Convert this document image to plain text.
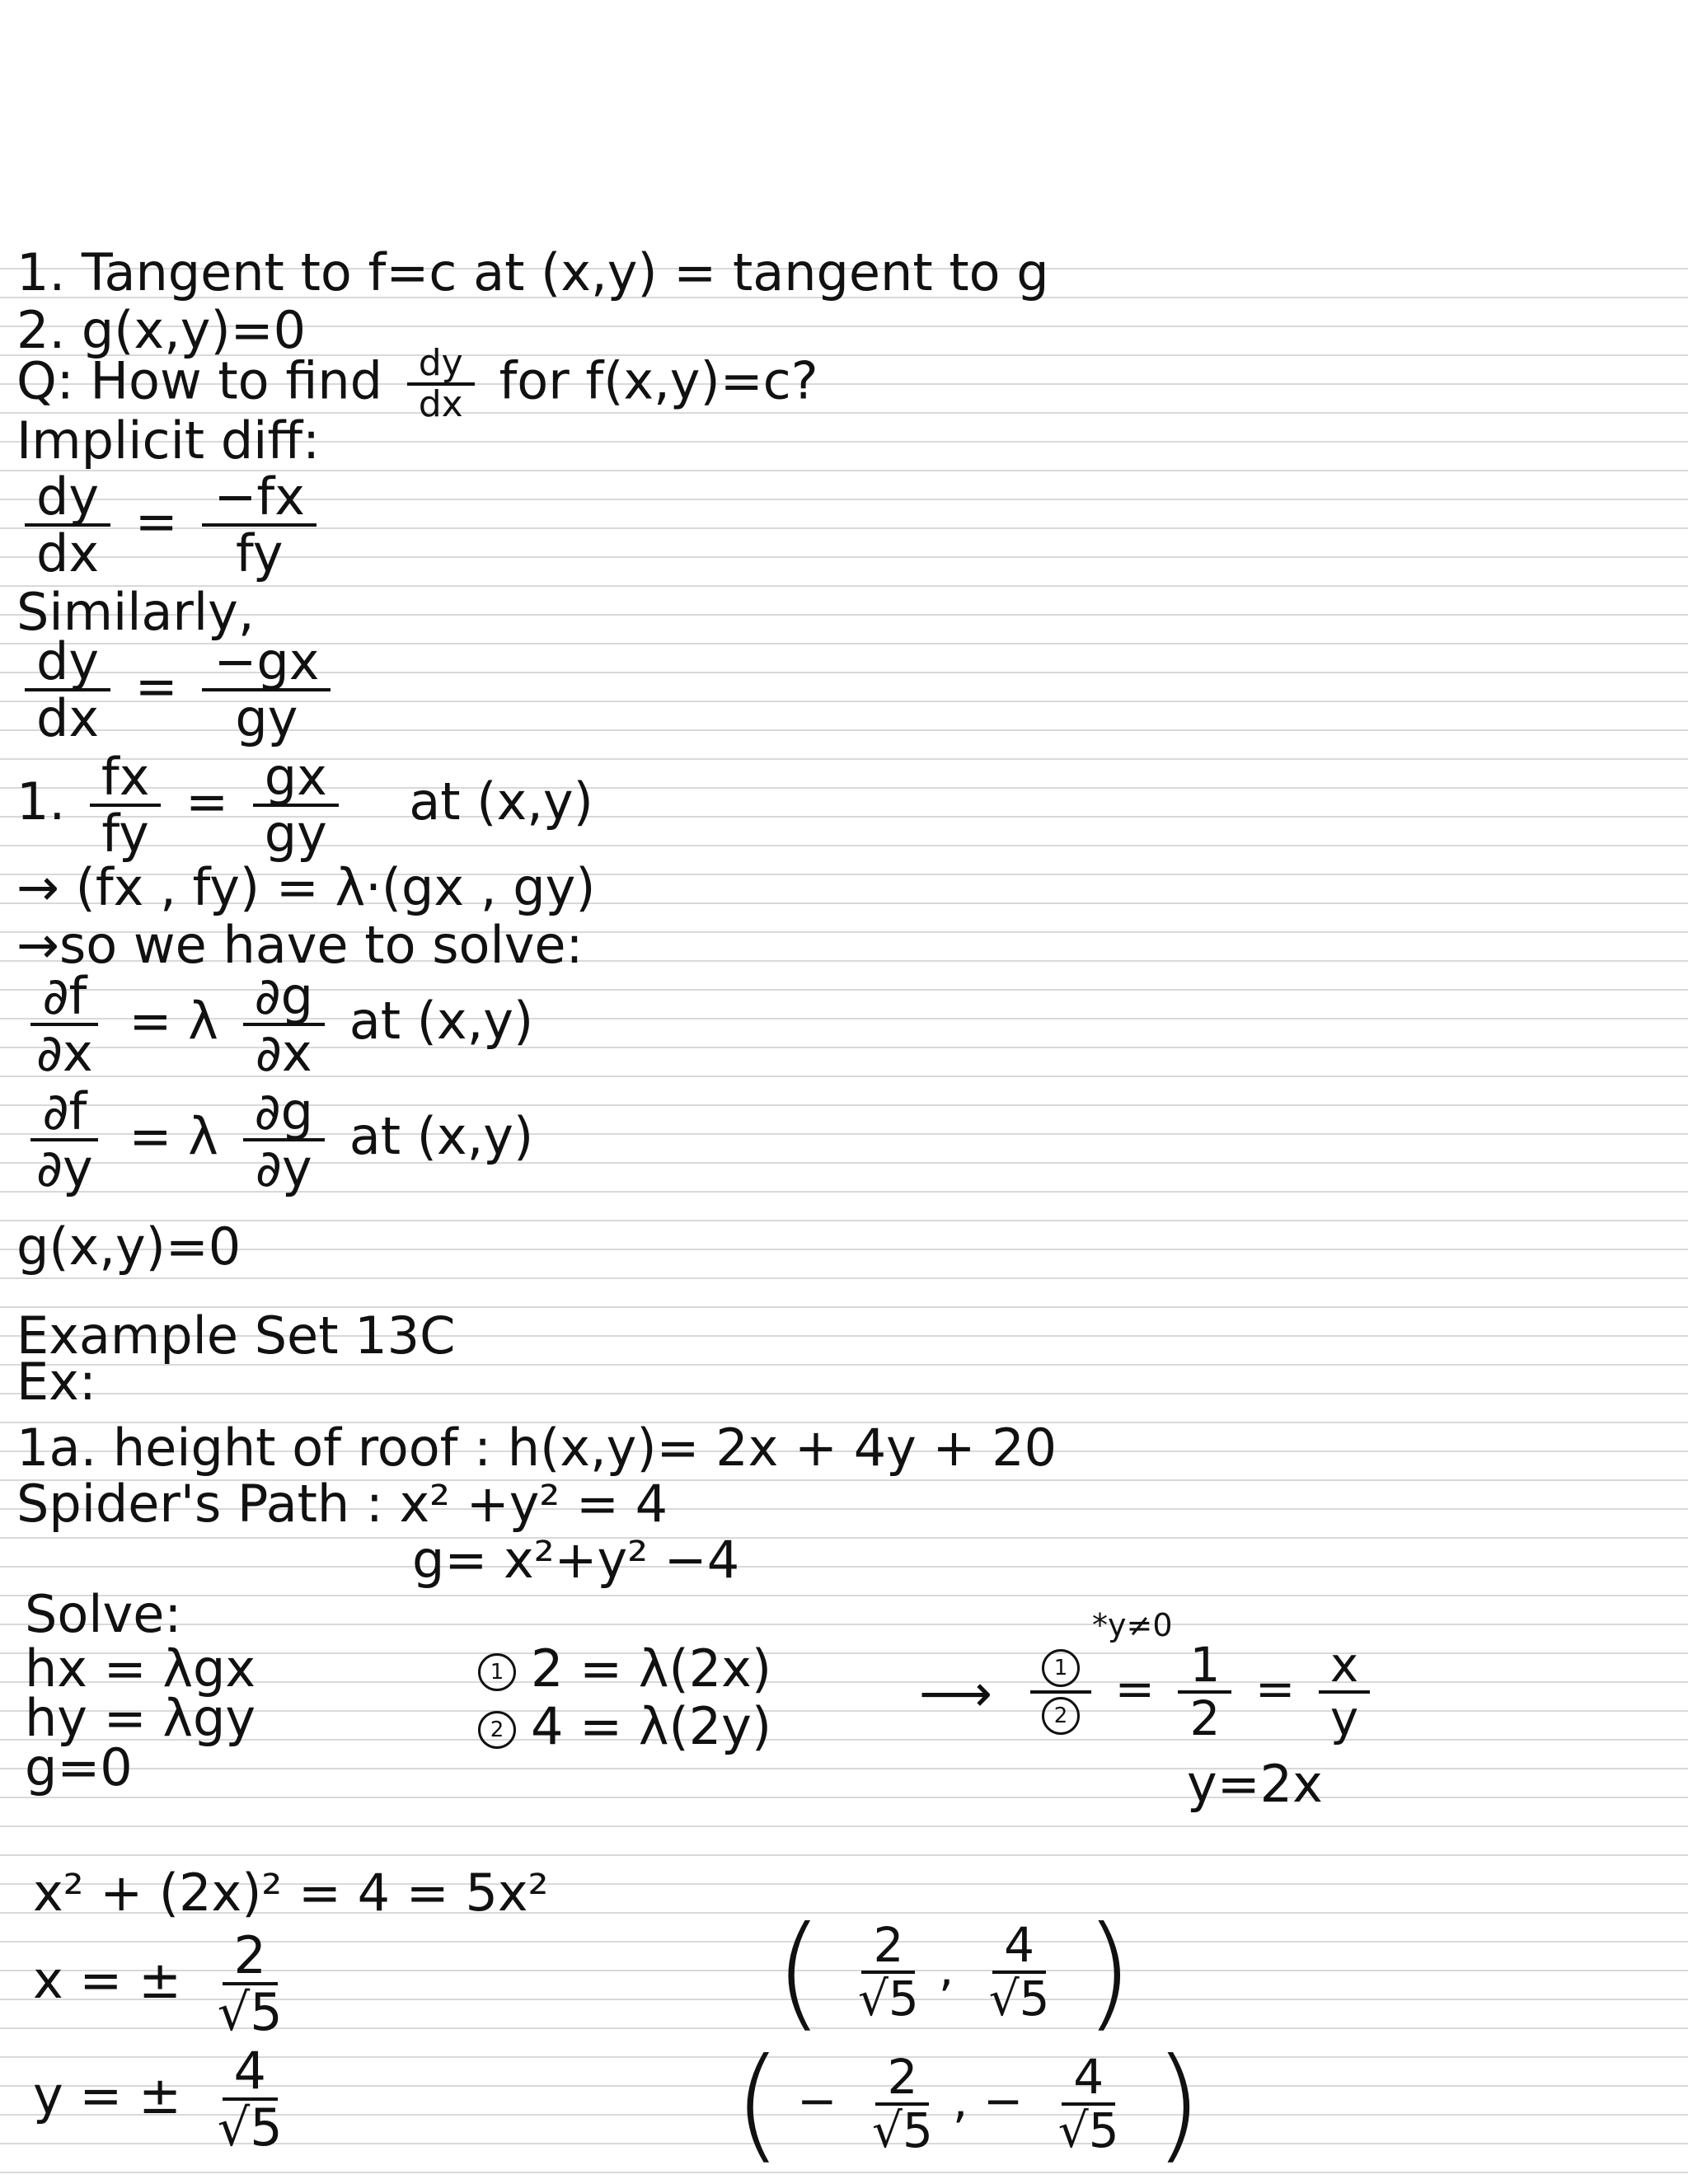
1. Tangent to f=c at (x,y) = tangent to g
2. g(x,y)=0
Q: How to find $\frac{dy}{dx}$ for f(x,y)=c?
Implicit diff:
$\frac{dy}{dx} = \frac{-fx}{fy}$
Similarly,
$\frac{dy}{dx} = \frac{-gx}{gy}$
1. $\frac{fx}{fy} = \frac{gx}{gy}$ at (x,y)
→ (fx , fy) = λ·(gx , gy)
→so we have to solve:
$\frac{\partial f}{\partial x} = \lambda \frac{\partial g}{\partial x}$ at (x,y)
$\frac{\partial f}{\partial y} = \lambda \frac{\partial g}{\partial y}$ at (x,y)
g(x,y)=0
Example Set 13C
Ex:
1a. height of roof : h(x,y)= 2x + 4y + 20
Spider's Path : x² +y² = 4
g= x²+y² −4
Solve:
hx = λgx
hy = λgy
g=0
1 2 = λ(2x)
2 4 = λ(2y)
⟶
*y≠0
$\frac{1}{2} = \frac{1}{2} = \frac{x}{y}$
y=2x
x² + (2x)² = 4 = 5x²
x = ± $\frac{2}{√5}$
y = ± $\frac{4}{√5}$
( $\frac{2}{√5}$ , $\frac{4}{√5}$ )
( − $\frac{2}{√5}$ , − $\frac{4}{√5}$ )
